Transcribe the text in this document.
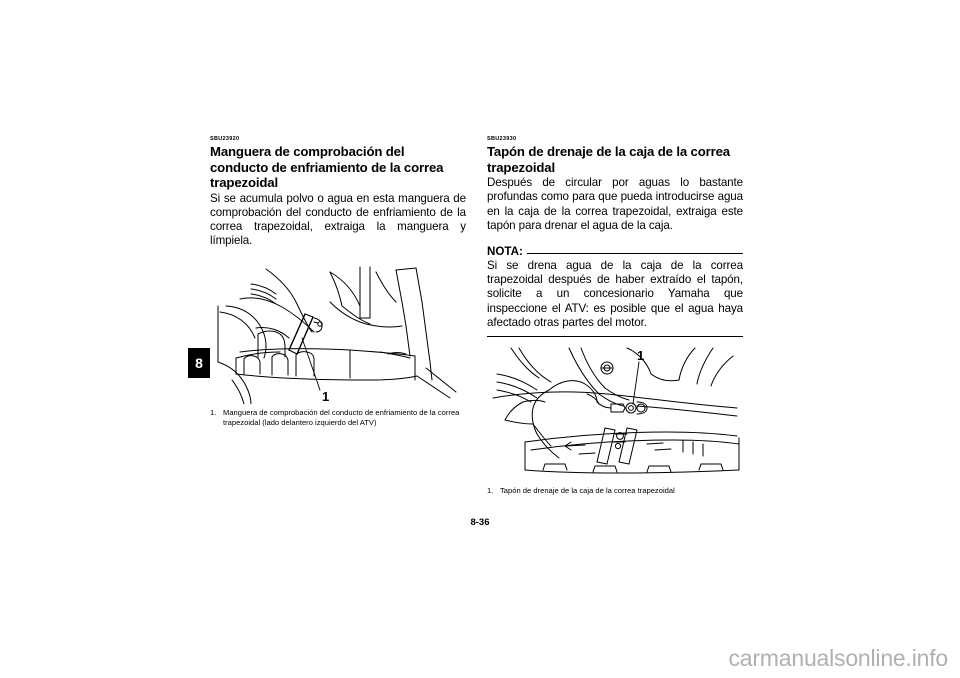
8
SBU23920
Manguera de comprobación del conducto de enfriamiento de la correa trapezoidal

Si se acumula polvo o agua en esta manguera de comprobación del conducto de enfriamiento de la correa trapezoidal, extraiga la manguera y límpiela.

1
1. Manguera de comprobación del conducto de enfriamiento de la correa trapezoidal (lado delantero izquierdo del ATV)
SBU23930
Tapón de drenaje de la caja de la correa trapezoidal

Después de circular por aguas lo bastante profundas como para que pueda introducirse agua en la caja de la correa trapezoidal, extraiga este tapón para drenar el agua de la caja.

NOTA:

Si se drena agua de la caja de la correa trapezoidal después de haber extraído el tapón, solicite a un concesionario Yamaha que inspeccione el ATV: es posible que el agua haya afectado otras partes del motor.

1
1. Tapón de drenaje de la caja de la correa trapezoidal
8-36
carmanualsonline.info
